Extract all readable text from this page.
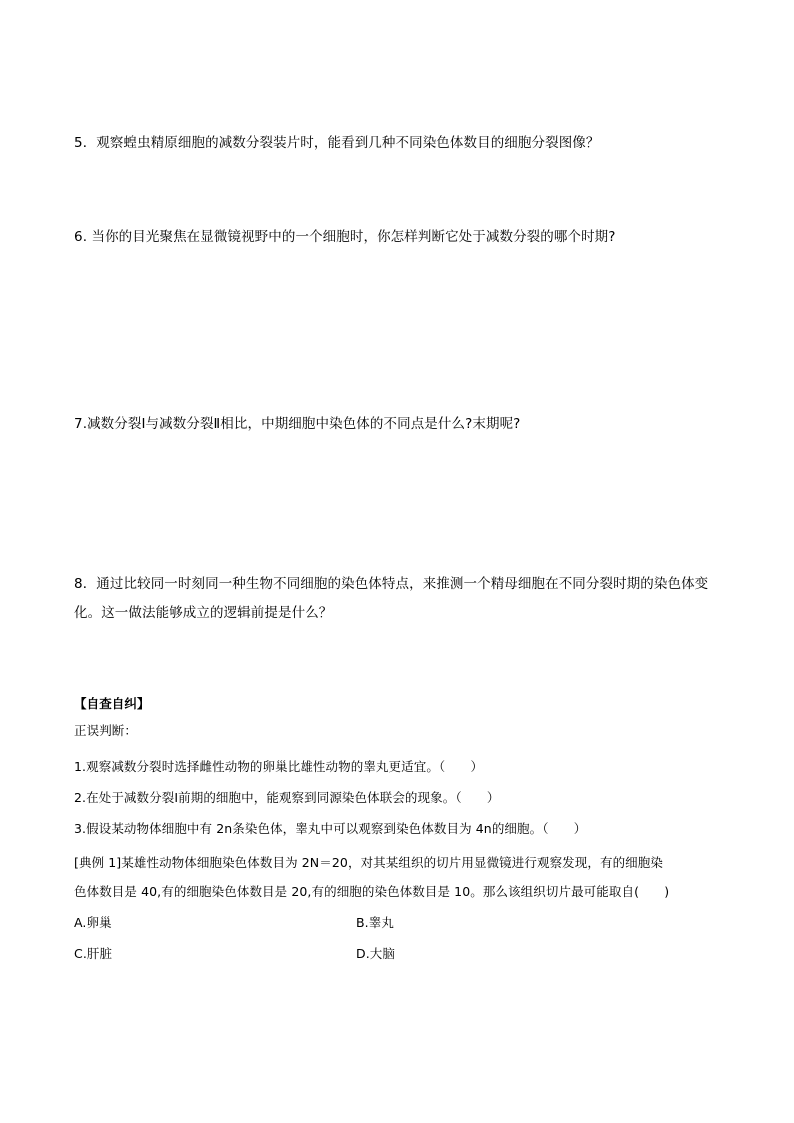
5．观察蝗虫精原细胞的减数分裂装片时，能看到几种不同染色体数目的细胞分裂图像？
6. 当你的目光聚焦在显微镜视野中的一个细胞时，你怎样判断它处于减数分裂的哪个时期?
7.减数分裂Ⅰ与减数分裂Ⅱ相比，中期细胞中染色体的不同点是什么?末期呢?
8．通过比较同一时刻同一种生物不同细胞的染色体特点，来推测一个精母细胞在不同分裂时期的染色体变
化。这一做法能够成立的逻辑前提是什么？
【自查自纠】
正误判断：
1.观察减数分裂时选择雌性动物的卵巢比雄性动物的睾丸更适宜。（　　）
2.在处于减数分裂Ⅰ前期的细胞中，能观察到同源染色体联会的现象。（　　）
3.假设某动物体细胞中有 2n条染色体，睾丸中可以观察到染色体数目为 4n的细胞。（　　）
[典例 1]某雄性动物体细胞染色体数目为 2N＝20，对其某组织的切片用显微镜进行观察发现，有的细胞染
色体数目是 40,有的细胞染色体数目是 20,有的细胞的染色体数目是 10。那么该组织切片最可能取自(　　)
A.卵巢	B.睾丸
C.肝脏	D.大脑
